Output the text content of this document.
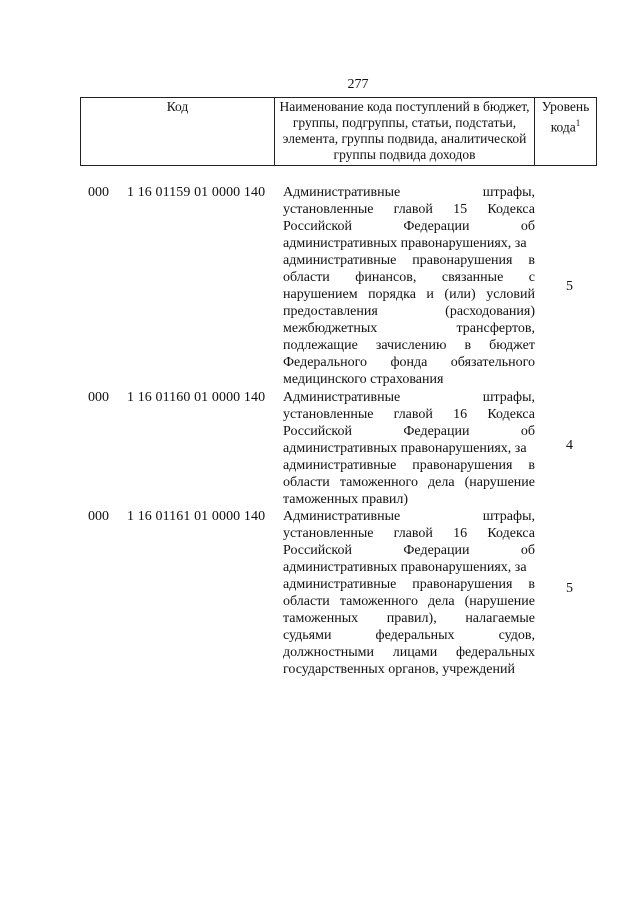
277
Код	Наименование кода поступлений в бюджет, группы, подгруппы, статьи, подстатьи, элемента, группы подвида, аналитической группы подвида доходов	Уровень кода$^1$
000 1 16 01159 01 0000 140 Административные штрафы,
установленные главой 15 Кодекса
Российской Федерации об
административных правонарушениях, за
административные правонарушения в
области финансов, связанные с
нарушением порядка и (или) условий
предоставления (расходования)
межбюджетных трансфертов,
подлежащие зачислению в бюджет
Федерального фонда обязательного
медицинского страхования
5
000 1 16 01160 01 0000 140 Административные штрафы,
установленные главой 16 Кодекса
Российской Федерации об
административных правонарушениях, за
административные правонарушения в
области таможенного дела (нарушение
таможенных правил)
4
000 1 16 01161 01 0000 140 Административные штрафы,
установленные главой 16 Кодекса
Российской Федерации об
административных правонарушениях, за
административные правонарушения в
области таможенного дела (нарушение
таможенных правил), налагаемые
судьями федеральных судов,
должностными лицами федеральных
государственных органов, учреждений
5
